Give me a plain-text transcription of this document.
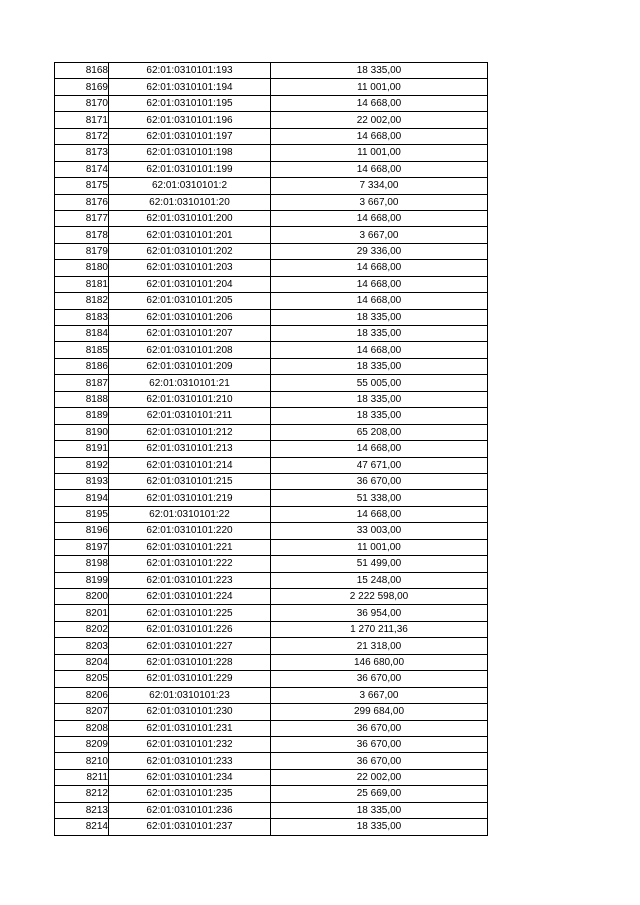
8168	62:01:0310101:193	18 335,00
8169	62:01:0310101:194	11 001,00
8170	62:01:0310101:195	14 668,00
8171	62:01:0310101:196	22 002,00
8172	62:01:0310101:197	14 668,00
8173	62:01:0310101:198	11 001,00
8174	62:01:0310101:199	14 668,00
8175	62:01:0310101:2	7 334,00
8176	62:01:0310101:20	3 667,00
8177	62:01:0310101:200	14 668,00
8178	62:01:0310101:201	3 667,00
8179	62:01:0310101:202	29 336,00
8180	62:01:0310101:203	14 668,00
8181	62:01:0310101:204	14 668,00
8182	62:01:0310101:205	14 668,00
8183	62:01:0310101:206	18 335,00
8184	62:01:0310101:207	18 335,00
8185	62:01:0310101:208	14 668,00
8186	62:01:0310101:209	18 335,00
8187	62:01:0310101:21	55 005,00
8188	62:01:0310101:210	18 335,00
8189	62:01:0310101:211	18 335,00
8190	62:01:0310101:212	65 208,00
8191	62:01:0310101:213	14 668,00
8192	62:01:0310101:214	47 671,00
8193	62:01:0310101:215	36 670,00
8194	62:01:0310101:219	51 338,00
8195	62:01:0310101:22	14 668,00
8196	62:01:0310101:220	33 003,00
8197	62:01:0310101:221	11 001,00
8198	62:01:0310101:222	51 499,00
8199	62:01:0310101:223	15 248,00
8200	62:01:0310101:224	2 222 598,00
8201	62:01:0310101:225	36 954,00
8202	62:01:0310101:226	1 270 211,36
8203	62:01:0310101:227	21 318,00
8204	62:01:0310101:228	146 680,00
8205	62:01:0310101:229	36 670,00
8206	62:01:0310101:23	3 667,00
8207	62:01:0310101:230	299 684,00
8208	62:01:0310101:231	36 670,00
8209	62:01:0310101:232	36 670,00
8210	62:01:0310101:233	36 670,00
8211	62:01:0310101:234	22 002,00
8212	62:01:0310101:235	25 669,00
8213	62:01:0310101:236	18 335,00
8214	62:01:0310101:237	18 335,00
